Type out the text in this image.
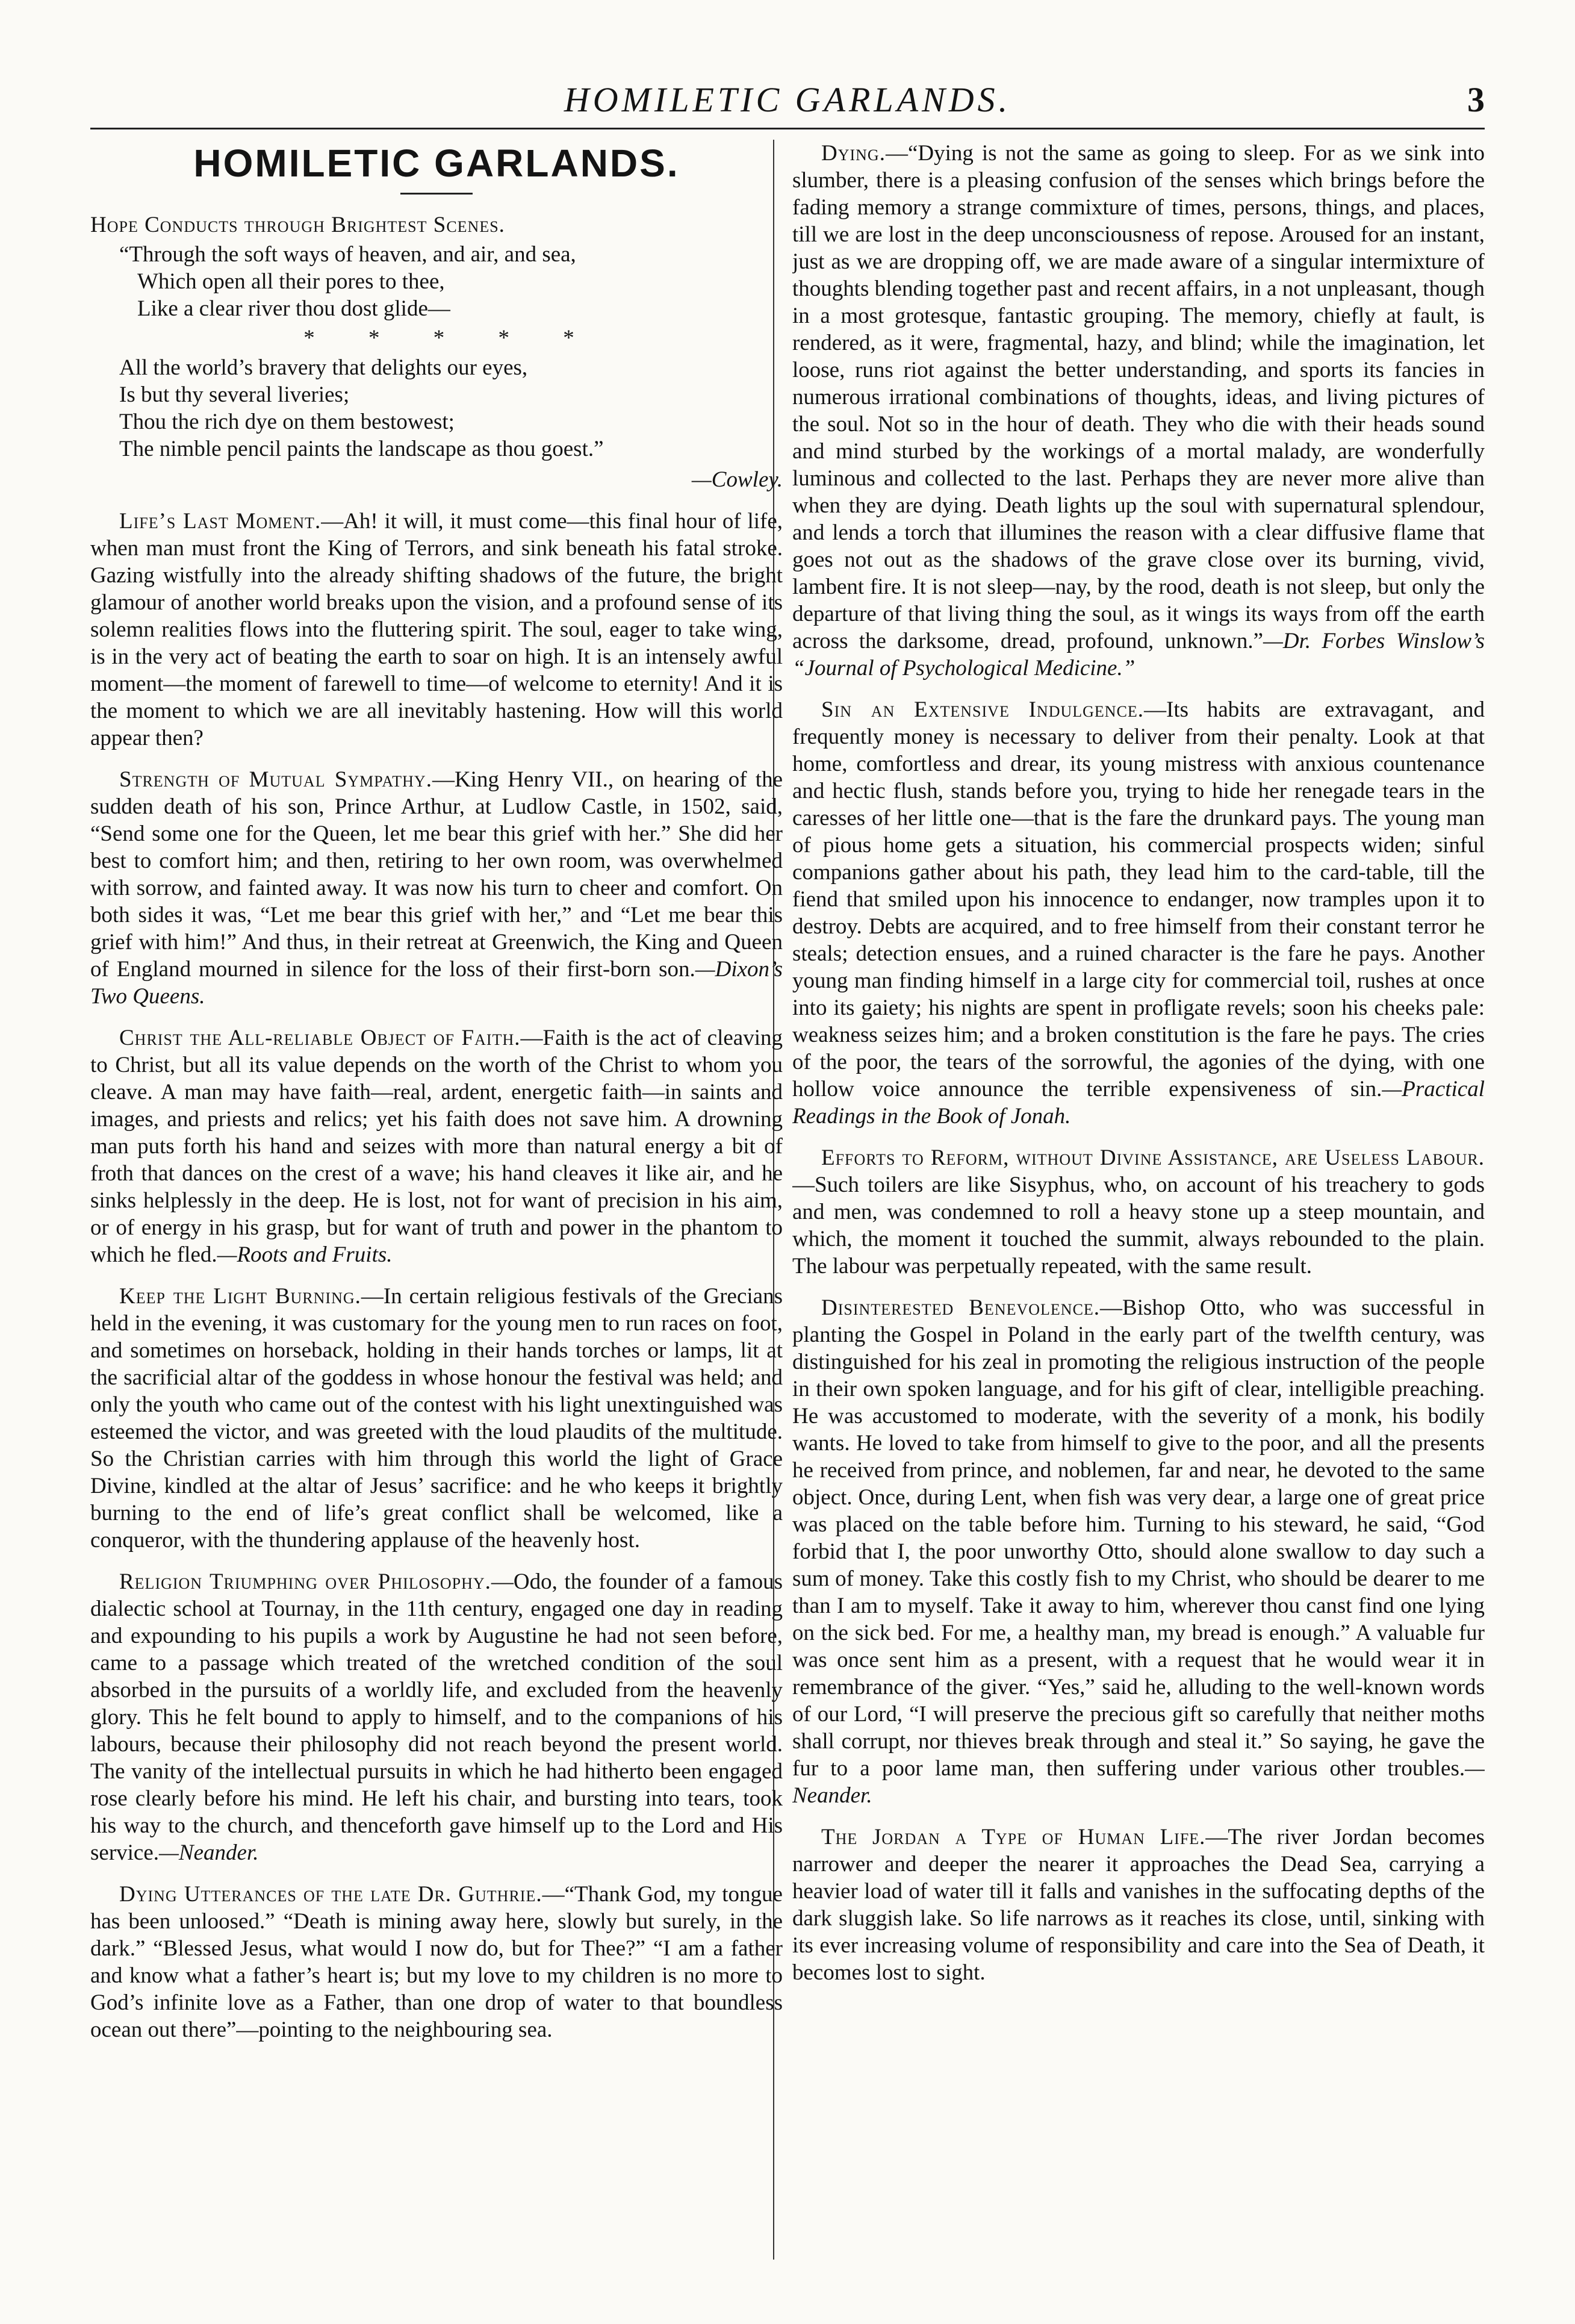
HOMILETIC GARLANDS.	3
HOMILETIC GARLANDS.

Hope Conducts through Brightest Scenes.

“Through the soft ways of heaven, and air, and sea,
Which open all their pores to thee,
Like a clear river thou dost glide—
* * * * *
All the world’s bravery that delights our eyes,
Is but thy several liveries;
Thou the rich dye on them bestowest;
The nimble pencil paints the landscape as thou goest.”
—Cowley.

Life’s Last Moment.—Ah! it will, it must come—this final hour of life, when man must front the King of Terrors, and sink beneath his fatal stroke. Gazing wistfully into the already shifting shadows of the future, the bright glamour of another world breaks upon the vision, and a profound sense of its solemn realities flows into the fluttering spirit. The soul, eager to take wing, is in the very act of beating the earth to soar on high. It is an intensely awful moment—the moment of farewell to time—of welcome to eternity! And it is the moment to which we are all inevitably hastening. How will this world appear then?

Strength of Mutual Sympathy.—King Henry VII., on hearing of the sudden death of his son, Prince Arthur, at Ludlow Castle, in 1502, said, “Send some one for the Queen, let me bear this grief with her.” She did her best to comfort him; and then, retiring to her own room, was overwhelmed with sorrow, and fainted away. It was now his turn to cheer and comfort. On both sides it was, “Let me bear this grief with her,” and “Let me bear this grief with him!” And thus, in their retreat at Greenwich, the King and Queen of England mourned in silence for the loss of their first-born son.—Dixon’s Two Queens.

Christ the All-reliable Object of Faith.—Faith is the act of cleaving to Christ, but all its value depends on the worth of the Christ to whom you cleave. A man may have faith—real, ardent, energetic faith—in saints and images, and priests and relics; yet his faith does not save him. A drowning man puts forth his hand and seizes with more than natural energy a bit of froth that dances on the crest of a wave; his hand cleaves it like air, and he sinks helplessly in the deep. He is lost, not for want of precision in his aim, or of energy in his grasp, but for want of truth and power in the phantom to which he fled.—Roots and Fruits.

Keep the Light Burning.—In certain religious festivals of the Grecians held in the evening, it was customary for the young men to run races on foot, and sometimes on horseback, holding in their hands torches or lamps, lit at the sacrificial altar of the goddess in whose honour the festival was held; and only the youth who came out of the contest with his light unextinguished was esteemed the victor, and was greeted with the loud plaudits of the multitude. So the Christian carries with him through this world the light of Grace Divine, kindled at the altar of Jesus’ sacrifice: and he who keeps it brightly burning to the end of life’s great conflict shall be welcomed, like a conqueror, with the thundering applause of the heavenly host.

Religion Triumphing over Philosophy.—Odo, the founder of a famous dialectic school at Tournay, in the 11th century, engaged one day in reading and expounding to his pupils a work by Augustine he had not seen before, came to a passage which treated of the wretched condition of the soul absorbed in the pursuits of a worldly life, and excluded from the heavenly glory. This he felt bound to apply to himself, and to the companions of his labours, because their philosophy did not reach beyond the present world. The vanity of the intellectual pursuits in which he had hitherto been engaged rose clearly before his mind. He left his chair, and bursting into tears, took his way to the church, and thenceforth gave himself up to the Lord and His service.—Neander.

Dying Utterances of the late Dr. Guthrie.—“Thank God, my tongue has been unloosed.” “Death is mining away here, slowly but surely, in the dark.” “Blessed Jesus, what would I now do, but for Thee?” “I am a father and know what a father’s heart is; but my love to my children is no more to God’s infinite love as a Father, than one drop of water to that boundless ocean out there”—pointing to the neighbouring sea.

Dying.—“Dying is not the same as going to sleep. For as we sink into slumber, there is a pleasing confusion of the senses which brings before the fading memory a strange commixture of times, persons, things, and places, till we are lost in the deep unconsciousness of repose. Aroused for an instant, just as we are dropping off, we are made aware of a singular intermixture of thoughts blending together past and recent affairs, in a not unpleasant, though in a most grotesque, fantastic grouping. The memory, chiefly at fault, is rendered, as it were, fragmental, hazy, and blind; while the imagination, let loose, runs riot against the better understanding, and sports its fancies in numerous irrational combinations of thoughts, ideas, and living pictures of the soul. Not so in the hour of death. They who die with their heads sound and mind sturbed by the workings of a mortal malady, are wonderfully luminous and collected to the last. Perhaps they are never more alive than when they are dying. Death lights up the soul with supernatural splendour, and lends a torch that illumines the reason with a clear diffusive flame that goes not out as the shadows of the grave close over its burning, vivid, lambent fire. It is not sleep—nay, by the rood, death is not sleep, but only the departure of that living thing the soul, as it wings its ways from off the earth across the darksome, dread, profound, unknown.”—Dr. Forbes Winslow’s “Journal of Psychological Medicine.”

Sin an Extensive Indulgence.—Its habits are extravagant, and frequently money is necessary to deliver from their penalty. Look at that home, comfortless and drear, its young mistress with anxious countenance and hectic flush, stands before you, trying to hide her renegade tears in the caresses of her little one—that is the fare the drunkard pays. The young man of pious home gets a situation, his commercial prospects widen; sinful companions gather about his path, they lead him to the card-table, till the fiend that smiled upon his innocence to endanger, now tramples upon it to destroy. Debts are acquired, and to free himself from their constant terror he steals; detection ensues, and a ruined character is the fare he pays. Another young man finding himself in a large city for commercial toil, rushes at once into its gaiety; his nights are spent in profligate revels; soon his cheeks pale: weakness seizes him; and a broken constitution is the fare he pays. The cries of the poor, the tears of the sorrowful, the agonies of the dying, with one hollow voice announce the terrible expensiveness of sin.—Practical Readings in the Book of Jonah.

Efforts to Reform, without Divine Assistance, are Useless Labour.—Such toilers are like Sisyphus, who, on account of his treachery to gods and men, was condemned to roll a heavy stone up a steep mountain, and which, the moment it touched the summit, always rebounded to the plain. The labour was perpetually repeated, with the same result.

Disinterested Benevolence.—Bishop Otto, who was successful in planting the Gospel in Poland in the early part of the twelfth century, was distinguished for his zeal in promoting the religious instruction of the people in their own spoken language, and for his gift of clear, intelligible preaching. He was accustomed to moderate, with the severity of a monk, his bodily wants. He loved to take from himself to give to the poor, and all the presents he received from prince, and noblemen, far and near, he devoted to the same object. Once, during Lent, when fish was very dear, a large one of great price was placed on the table before him. Turning to his steward, he said, “God forbid that I, the poor unworthy Otto, should alone swallow to day such a sum of money. Take this costly fish to my Christ, who should be dearer to me than I am to myself. Take it away to him, wherever thou canst find one lying on the sick bed. For me, a healthy man, my bread is enough.” A valuable fur was once sent him as a present, with a request that he would wear it in remembrance of the giver. “Yes,” said he, alluding to the well-known words of our Lord, “I will preserve the precious gift so carefully that neither moths shall corrupt, nor thieves break through and steal it.” So saying, he gave the fur to a poor lame man, then suffering under various other troubles.—Neander.

The Jordan a Type of Human Life.—The river Jordan becomes narrower and deeper the nearer it approaches the Dead Sea, carrying a heavier load of water till it falls and vanishes in the suffocating depths of the dark sluggish lake. So life narrows as it reaches its close, until, sinking with its ever increasing volume of responsibility and care into the Sea of Death, it becomes lost to sight.
